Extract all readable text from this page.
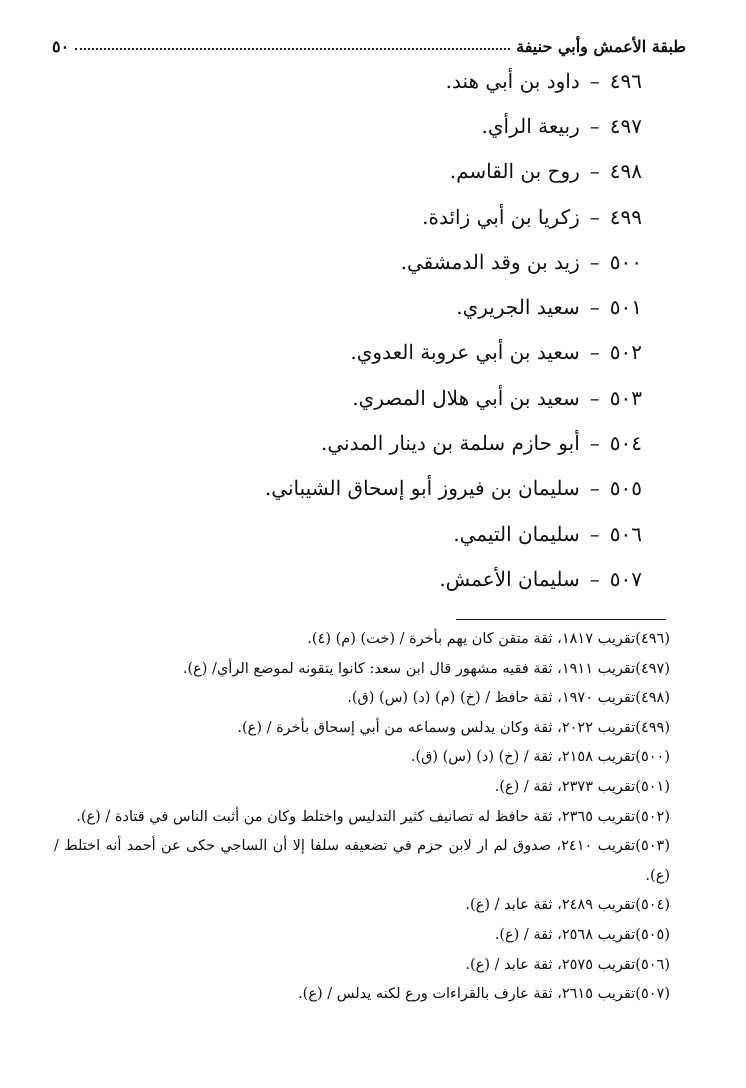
طبقة الأعمش وأبي حنيفة
٥٠
٤٩٦
–
داود بن أبي هند.
٤٩٧
–
ربيعة الرأي.
٤٩٨
–
روح بن القاسم.
٤٩٩
–
زكريا بن أبي زائدة.
٥٠٠
–
زيد بن وقد الدمشقي.
٥٠١
–
سعيد الجريري.
٥٠٢
–
سعيد بن أبي عروبة العدوي.
٥٠٣
–
سعيد بن أبي هلال المصري.
٥٠٤
–
أبو حازم سلمة بن دينار المدني.
٥٠٥
–
سليمان بن فيروز أبو إسحاق الشيباني.
٥٠٦
–
سليمان التيمي.
٥٠٧
–
سليمان الأعمش.
(٤٩٦)تقريب ١٨١٧، ثقة متقن كان يهم بأخرة / (خت) (م) (٤).
(٤٩٧)تقريب ١٩١١، ثقة فقيه مشهور قال ابن سعد: كانوا يتقونه لموضع الرأي/ (ع).
(٤٩٨)تقريب ١٩٧٠، ثقة حافظ / (خ) (م) (د) (س) (ق).
(٤٩٩)تقريب ٢٠٢٢، ثقة وكان يدلس وسماعه من أبي إسحاق بأخرة / (ع).
(٥٠٠)تقريب ٢١٥٨، ثقة / (خ) (د) (س) (ق).
(٥٠١)تقريب ٢٣٧٣، ثقة / (ع).
(٥٠٢)تقريب ٢٣٦٥، ثقة حافظ له تصانيف كثير التدليس واختلط وكان من أثبت الناس في قتادة / (ع).
(٥٠٣)تقريب ٢٤١٠، صدوق لم ار لابن حزم في تضعيفه سلفا إلا أن الساجي حكى عن أحمد أنه اختلط / (ع).
(٥٠٤)تقريب ٢٤٨٩، ثقة عابد / (ع).
(٥٠٥)تقريب ٢٥٦٨، ثقة / (ع).
(٥٠٦)تقريب ٢٥٧٥، ثقة عابد / (ع).
(٥٠٧)تقريب ٢٦١٥، ثقة عارف بالقراءات ورع لكنه يدلس / (ع).
